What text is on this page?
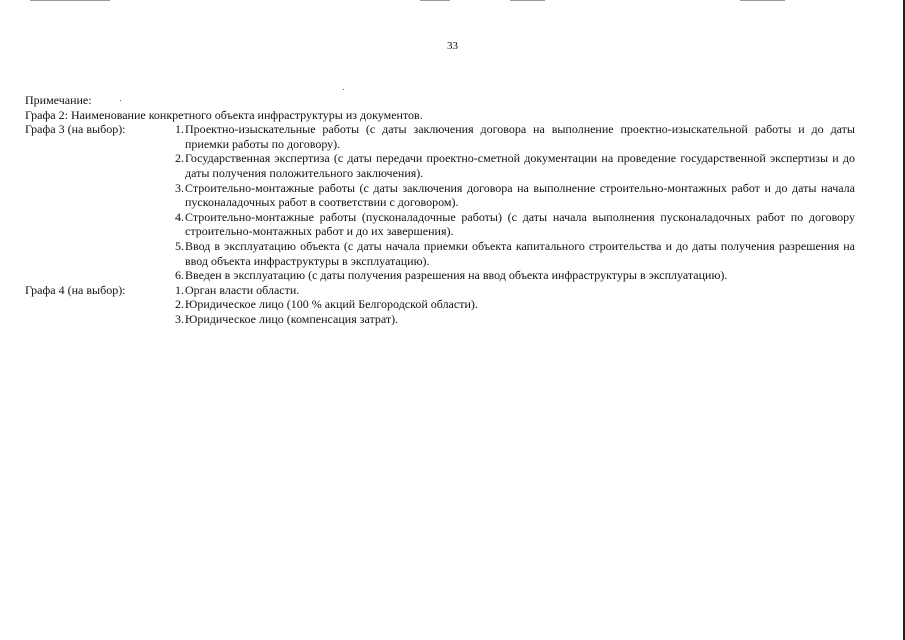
33
Примечание:
Графа 2: Наименование конкретного объекта инфраструктуры из документов.
Графа 3 (на выбор):	1. Проектно-изыскательные работы (с даты заключения договора на выполнение проектно-изыскательной работы и до даты приемки работы по договору).
2. Государственная экспертиза (с даты передачи проектно-сметной документации на проведение государственной экспертизы и до даты получения положительного заключения).
3. Строительно-монтажные работы (с даты заключения договора на выполнение строительно-монтажных работ и до даты начала пусконаладочных работ в соответствии с договором).
4. Строительно-монтажные работы (пусконаладочные работы) (с даты начала выполнения пусконаладочных работ по договору строительно-монтажных работ и до их завершения).
5. Ввод в эксплуатацию объекта (с даты начала приемки объекта капитального строительства и до даты получения разрешения на ввод объекта инфраструктуры в эксплуатацию).
6. Введен в эксплуатацию (с даты получения разрешения на ввод объекта инфраструктуры в эксплуатацию).
Графа 4 (на выбор):	1. Орган власти области.
2. Юридическое лицо (100 % акций Белгородской области).
3. Юридическое лицо (компенсация затрат).
